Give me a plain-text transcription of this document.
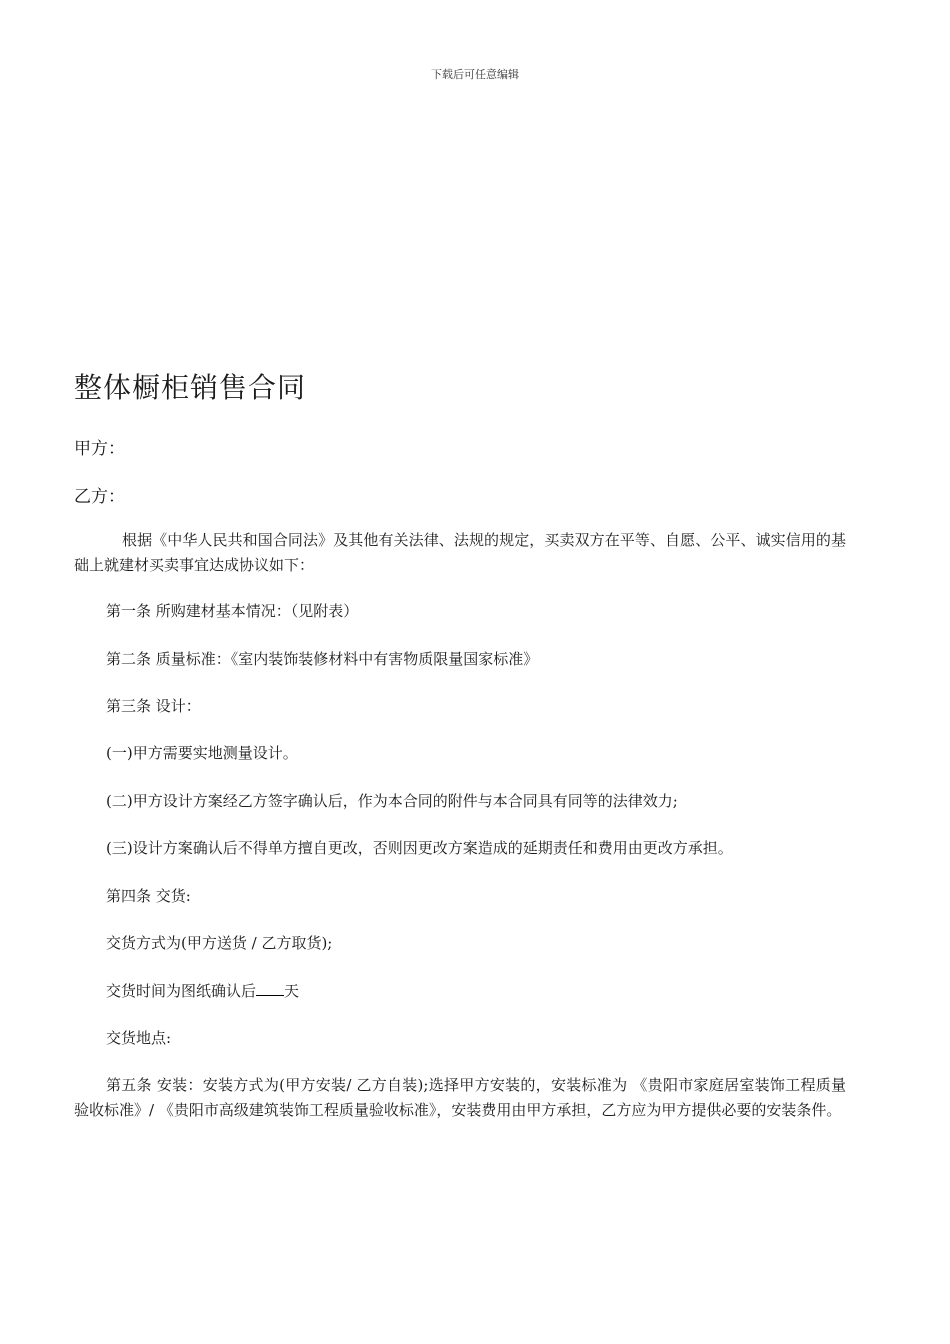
下载后可任意编辑
整体橱柜销售合同
甲方：
乙方：

根据《中华人民共和国合同法》及其他有关法律、法规的规定，买卖双方在平等、自愿、公平、诚实信用的基础上就建材买卖事宜达成协议如下：

第一条 所购建材基本情况：（见附表）

第二条 质量标准：《室内装饰装修材料中有害物质限量国家标准》

第三条 设计：

(一)甲方需要实地测量设计。

(二)甲方设计方案经乙方签字确认后，作为本合同的附件与本合同具有同等的法律效力;

(三)设计方案确认后不得单方擅自更改，否则因更改方案造成的延期责任和费用由更改方承担。

第四条 交货:

交货方式为(甲方送货 / 乙方取货);

交货时间为图纸确认后 天

交货地点:

第五条 安装：安装方式为(甲方安装/ 乙方自装);选择甲方安装的，安装标准为 《贵阳市家庭居室装饰工程质量验收标准》/ 《贵阳市高级建筑装饰工程质量验收标准》，安装费用由甲方承担，乙方应为甲方提供必要的安装条件。
